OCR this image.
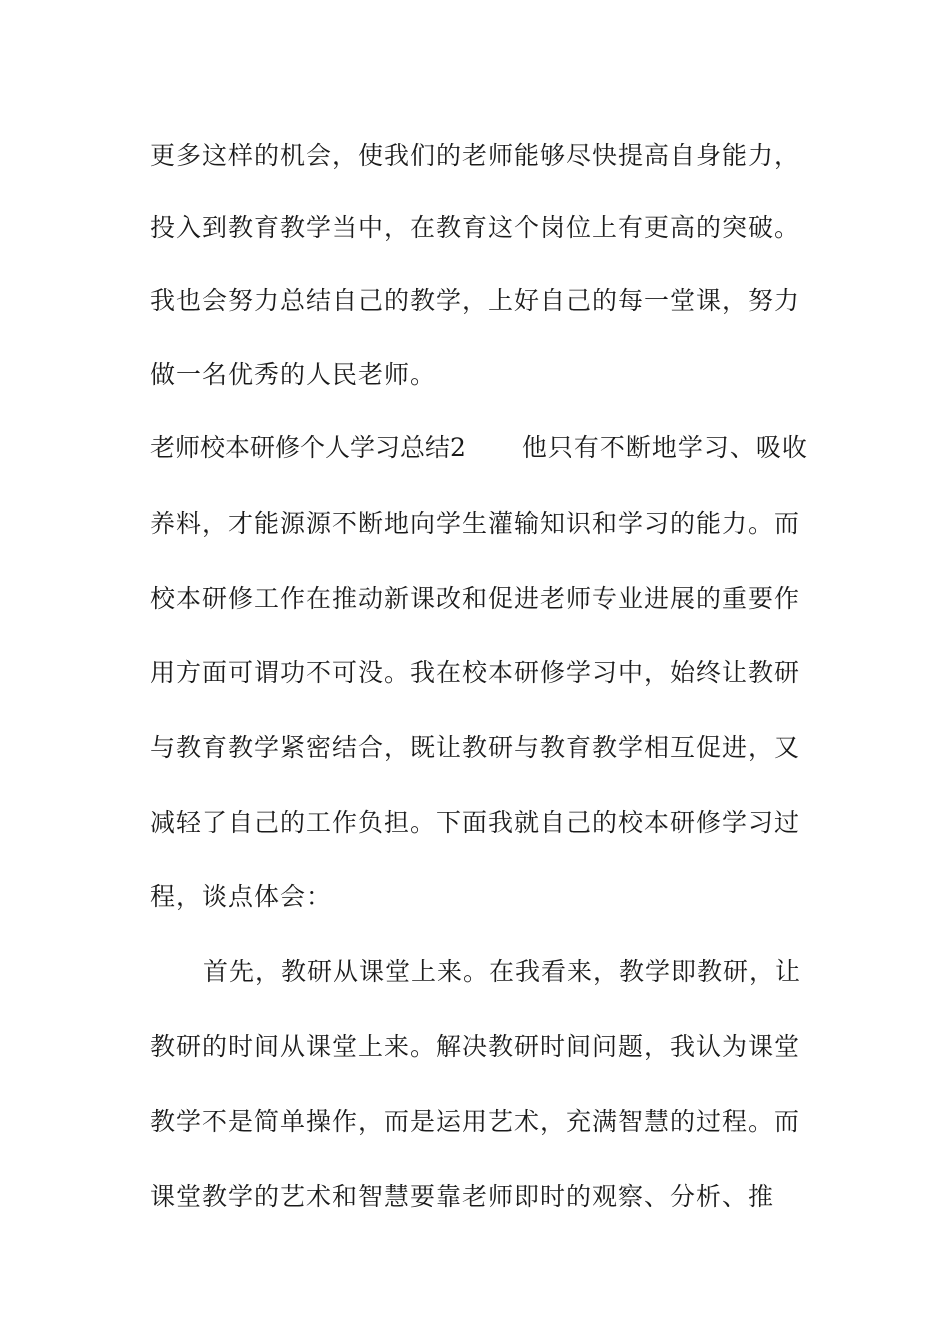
更多这样的机会，使我们的老师能够尽快提高自身能力，
投入到教育教学当中，在教育这个岗位上有更高的突破。
我也会努力总结自己的教学，上好自己的每一堂课，努力
做一名优秀的人民老师。
老师校本研修个人学习总结2 他只有不断地学习、吸收
养料，才能源源不断地向学生灌输知识和学习的能力。而
校本研修工作在推动新课改和促进老师专业进展的重要作
用方面可谓功不可没。我在校本研修学习中，始终让教研
与教育教学紧密结合，既让教研与教育教学相互促进，又
减轻了自己的工作负担。下面我就自己的校本研修学习过
程，谈点体会：
首先，教研从课堂上来。在我看来，教学即教研，让
教研的时间从课堂上来。解决教研时间问题，我认为课堂
教学不是简单操作，而是运用艺术，充满智慧的过程。而
课堂教学的艺术和智慧要靠老师即时的观察、分析、推
